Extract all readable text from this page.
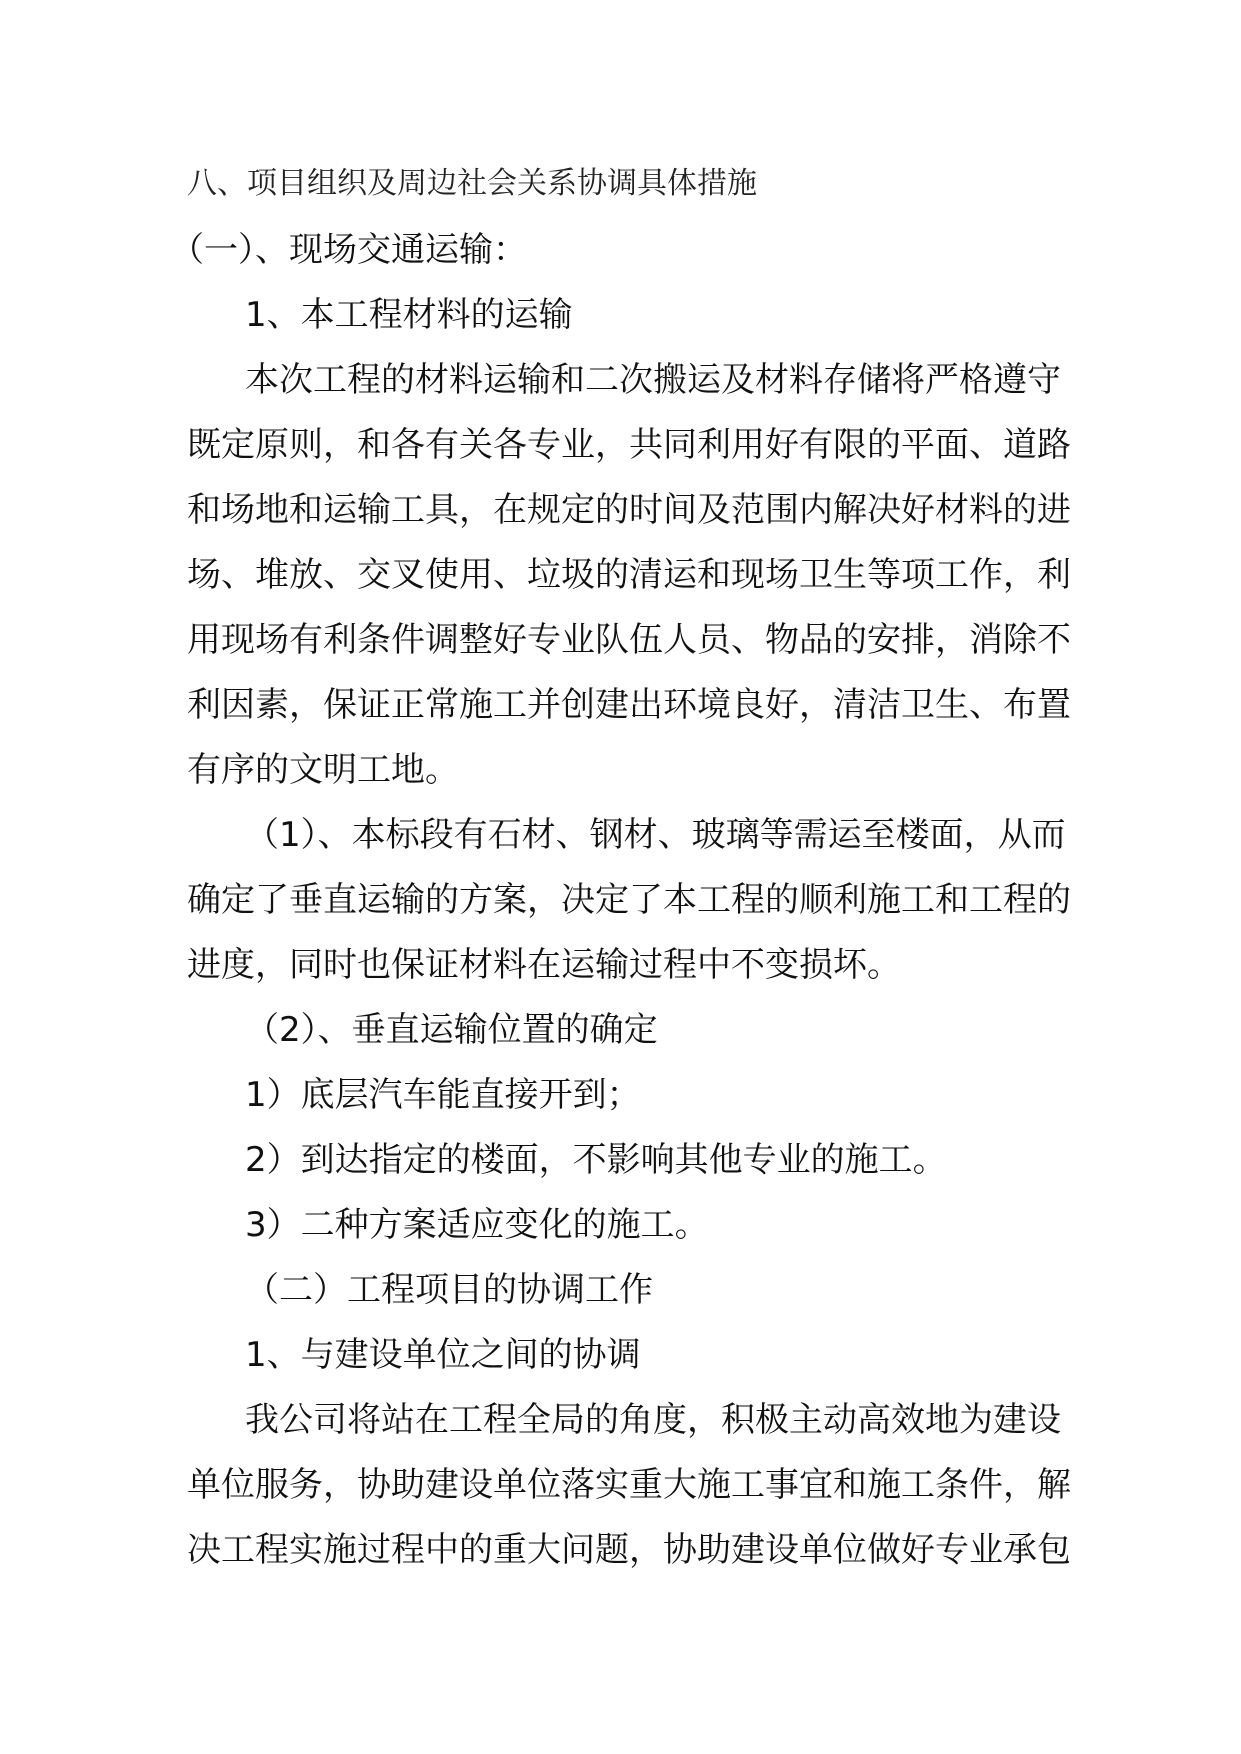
八、项目组织及周边社会关系协调具体措施
（一）、现场交通运输：
1、本工程材料的运输
本次工程的材料运输和二次搬运及材料存储将严格遵守
既定原则，和各有关各专业，共同利用好有限的平面、道路
和场地和运输工具，在规定的时间及范围内解决好材料的进
场、堆放、交叉使用、垃圾的清运和现场卫生等项工作，利
用现场有利条件调整好专业队伍人员、物品的安排，消除不
利因素，保证正常施工并创建出环境良好，清洁卫生、布置
有序的文明工地。
（1）、本标段有石材、钢材、玻璃等需运至楼面，从而
确定了垂直运输的方案，决定了本工程的顺利施工和工程的
进度，同时也保证材料在运输过程中不变损坏。
（2）、垂直运输位置的确定
1）底层汽车能直接开到；
2）到达指定的楼面，不影响其他专业的施工。
3）二种方案适应变化的施工。
（二）工程项目的协调工作
1、与建设单位之间的协调
我公司将站在工程全局的角度，积极主动高效地为建设
单位服务，协助建设单位落实重大施工事宜和施工条件，解
决工程实施过程中的重大问题，协助建设单位做好专业承包
